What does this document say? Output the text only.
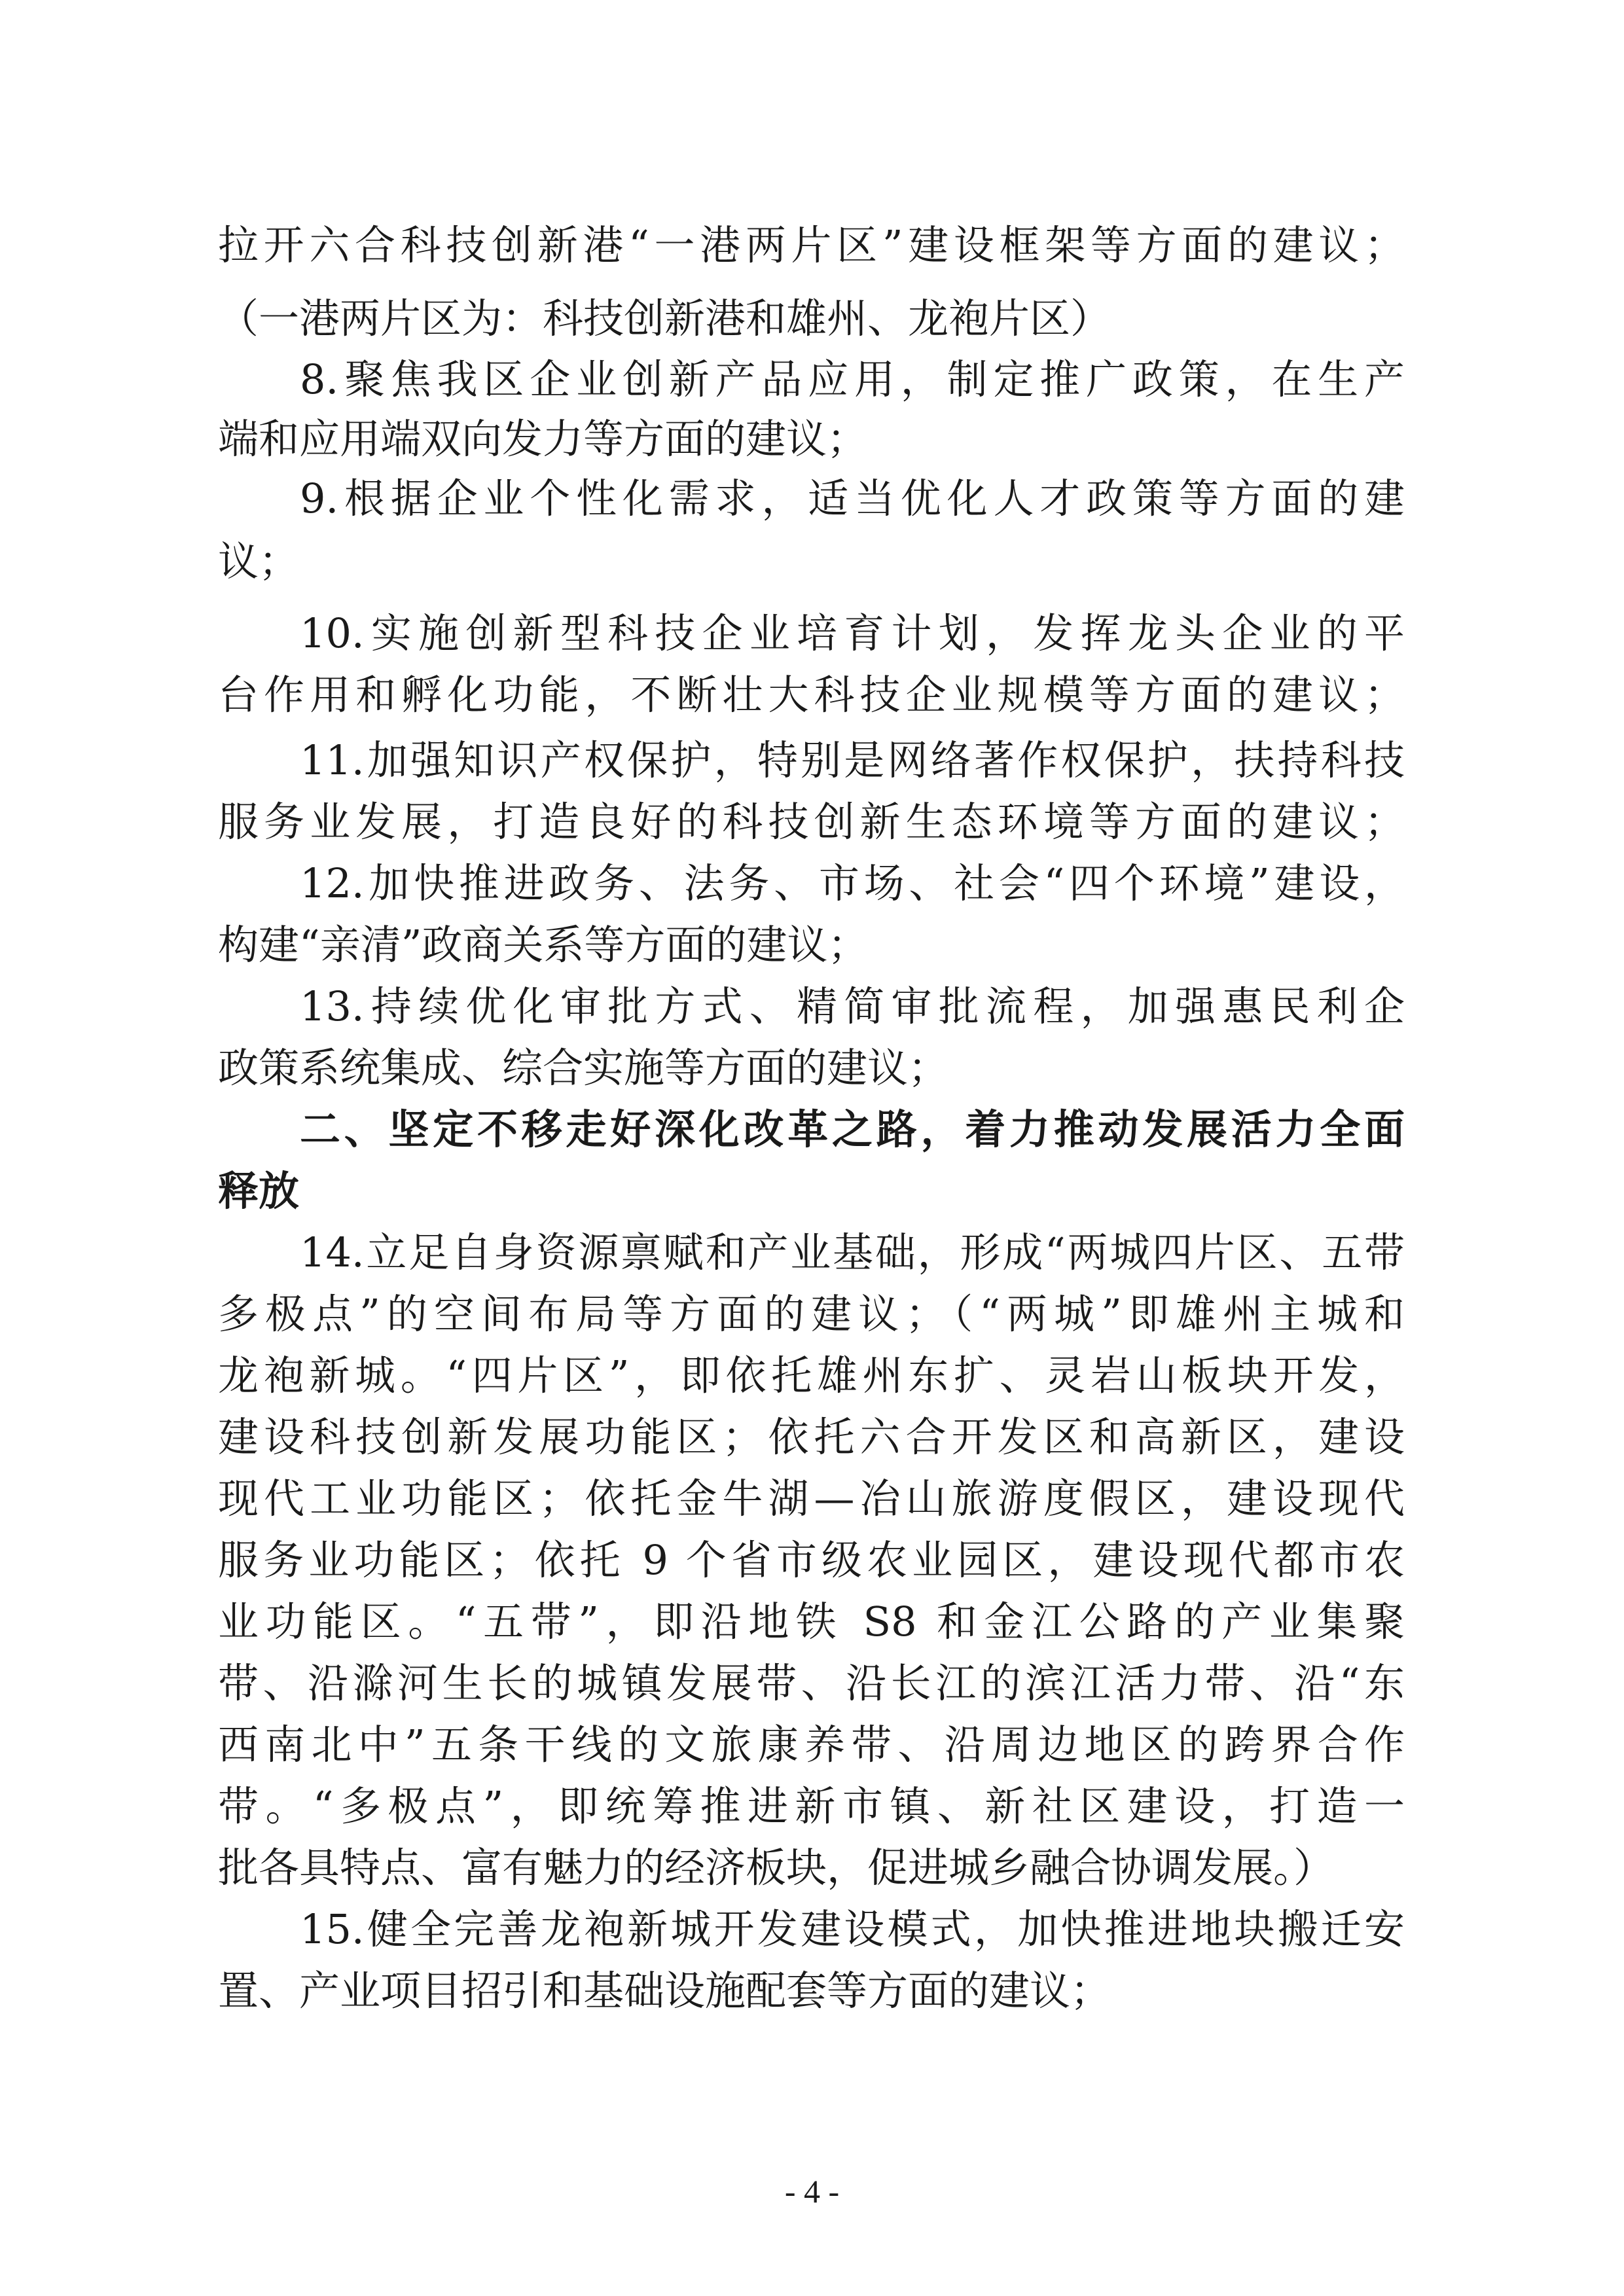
拉开六合科技创新港“一港两片区”建设框架等方面的建议；
（一港两片区为：科技创新港和雄州、龙袍片区）
8.聚焦我区企业创新产品应用，制定推广政策，在生产
端和应用端双向发力等方面的建议；
9.根据企业个性化需求，适当优化人才政策等方面的建
议；
10.实施创新型科技企业培育计划，发挥龙头企业的平
台作用和孵化功能，不断壮大科技企业规模等方面的建议；
11.加强知识产权保护，特别是网络著作权保护，扶持科技
服务业发展，打造良好的科技创新生态环境等方面的建议；
12.加快推进政务、法务、市场、社会“四个环境”建设，
构建“亲清”政商关系等方面的建议；
13.持续优化审批方式、精简审批流程，加强惠民利企
政策系统集成、综合实施等方面的建议；
二、坚定不移走好深化改革之路，着力推动发展活力全面
释放
14.立足自身资源禀赋和产业基础，形成“两城四片区、五带
多极点”的空间布局等方面的建议；（“两城”即雄州主城和
龙袍新城。“四片区”，即依托雄州东扩、灵岩山板块开发，
建设科技创新发展功能区；依托六合开发区和高新区，建设
现代工业功能区；依托金牛湖—冶山旅游度假区，建设现代
服务业功能区；依托 9 个省市级农业园区，建设现代都市农
业功能区。“五带”，即沿地铁 S8 和金江公路的产业集聚
带、沿滁河生长的城镇发展带、沿长江的滨江活力带、沿“东
西南北中”五条干线的文旅康养带、沿周边地区的跨界合作
带。“多极点”，即统筹推进新市镇、新社区建设，打造一
批各具特点、富有魅力的经济板块，促进城乡融合协调发展。）
15.健全完善龙袍新城开发建设模式，加快推进地块搬迁安
置、产业项目招引和基础设施配套等方面的建议；
- 4 -
